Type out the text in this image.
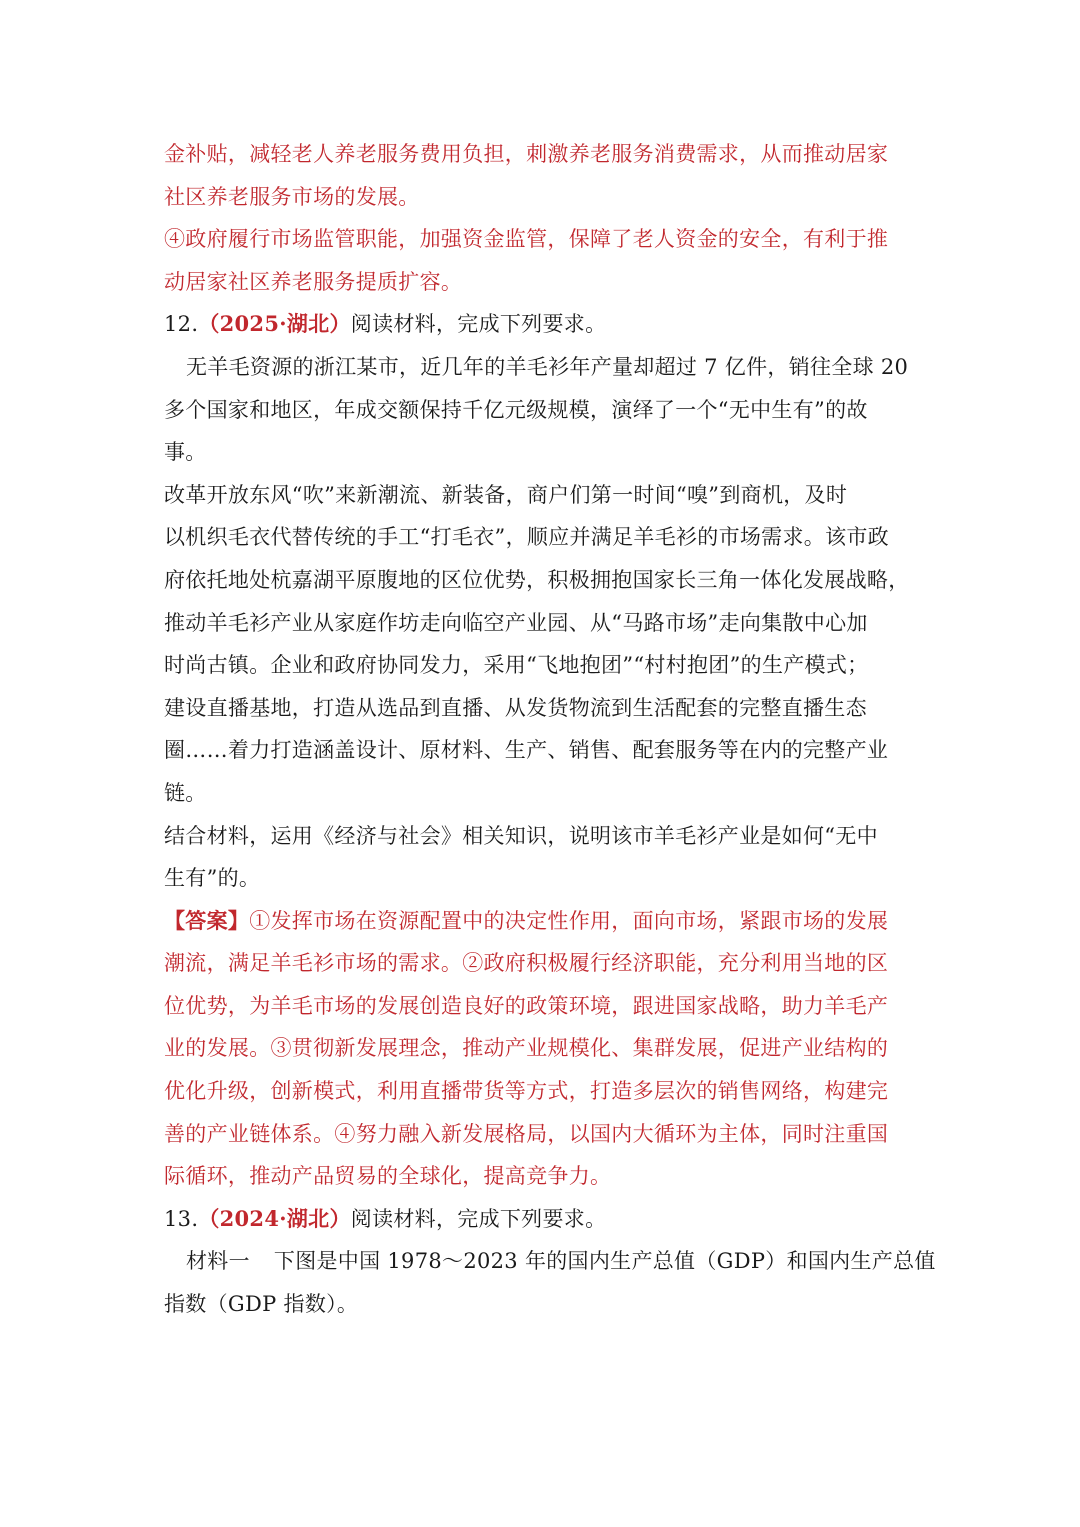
金补贴，减轻老人养老服务费用负担，刺激养老服务消费需求，从而推动居家
社区养老服务市场的发展。
④政府履行市场监管职能，加强资金监管，保障了老人资金的安全，有利于推
动居家社区养老服务提质扩容。
12.（2025·湖北）阅读材料，完成下列要求。
无羊毛资源的浙江某市，近几年的羊毛衫年产量却超过 7 亿件，销往全球 20
多个国家和地区，年成交额保持千亿元级规模，演绎了一个“无中生有”的故
事。
改革开放东风“吹”来新潮流、新装备，商户们第一时间“嗅”到商机，及时
以机织毛衣代替传统的手工“打毛衣”，顺应并满足羊毛衫的市场需求。该市政
府依托地处杭嘉湖平原腹地的区位优势，积极拥抱国家长三角一体化发展战略，
推动羊毛衫产业从家庭作坊走向临空产业园、从“马路市场”走向集散中心加
时尚古镇。企业和政府协同发力，采用“飞地抱团”“村村抱团”的生产模式；
建设直播基地，打造从选品到直播、从发货物流到生活配套的完整直播生态
圈……着力打造涵盖设计、原材料、生产、销售、配套服务等在内的完整产业
链。
结合材料，运用《经济与社会》相关知识，说明该市羊毛衫产业是如何“无中
生有”的。
【答案】①发挥市场在资源配置中的决定性作用，面向市场，紧跟市场的发展
潮流，满足羊毛衫市场的需求。②政府积极履行经济职能，充分利用当地的区
位优势，为羊毛市场的发展创造良好的政策环境，跟进国家战略，助力羊毛产
业的发展。③贯彻新发展理念，推动产业规模化、集群发展，促进产业结构的
优化升级，创新模式，利用直播带货等方式，打造多层次的销售网络，构建完
善的产业链体系。④努力融入新发展格局，以国内大循环为主体，同时注重国
际循环，推动产品贸易的全球化，提高竞争力。
13.（2024·湖北）阅读材料，完成下列要求。
材料一 下图是中国 1978～2023 年的国内生产总值（GDP）和国内生产总值
指数（GDP 指数）。
